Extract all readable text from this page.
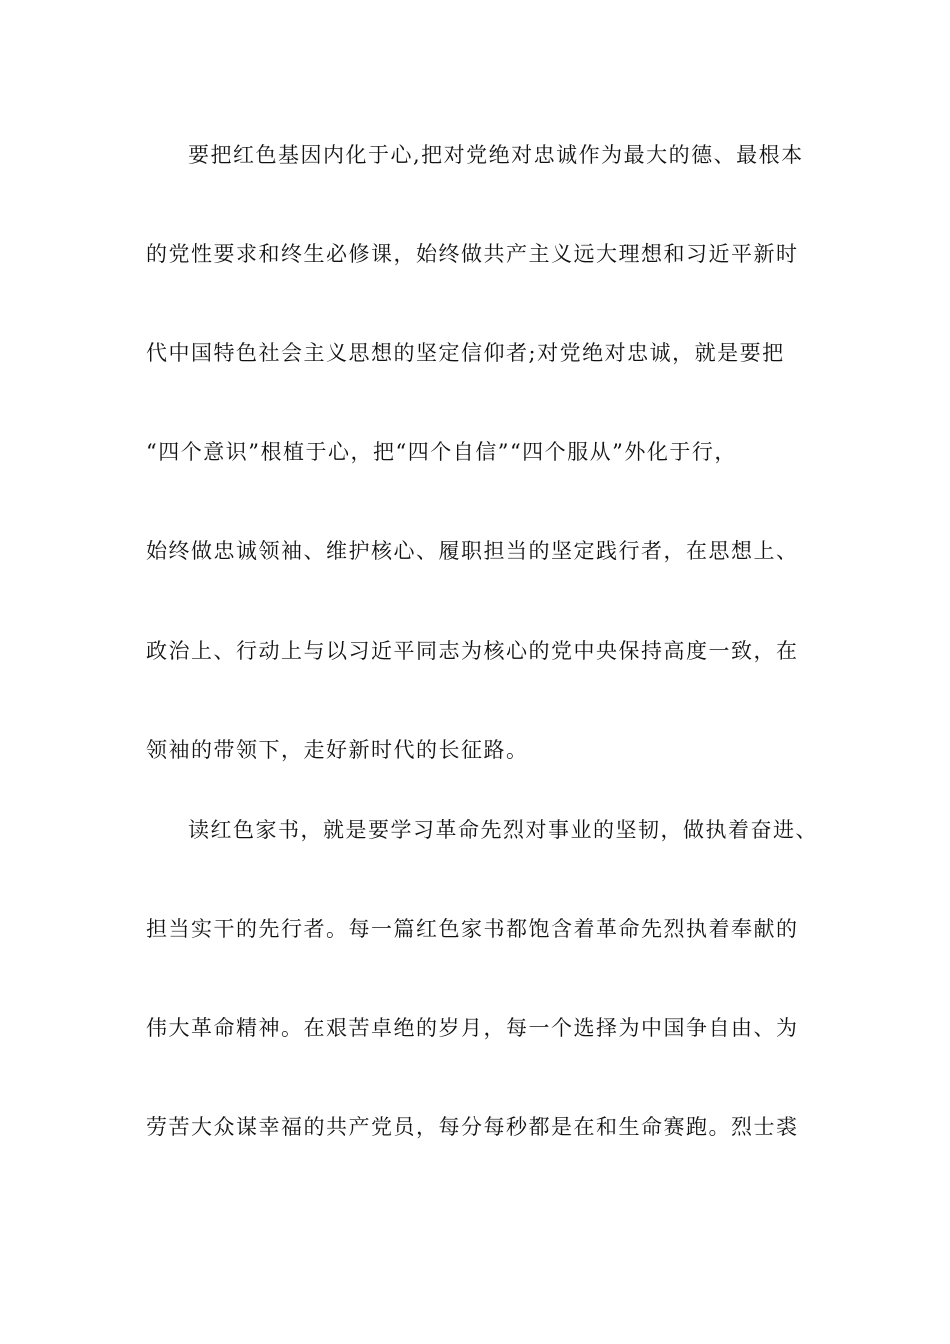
要把红色基因内化于心,把对党绝对忠诚作为最大的德、最根本
的党性要求和终生必修课，始终做共产主义远大理想和习近平新时
代中国特色社会主义思想的坚定信仰者;对党绝对忠诚，就是要把
“四个意识”根植于心，把“四个自信”“四个服从”外化于行，
始终做忠诚领袖、维护核心、履职担当的坚定践行者，在思想上、
政治上、行动上与以习近平同志为核心的党中央保持高度一致，在
领袖的带领下，走好新时代的长征路。
读红色家书，就是要学习革命先烈对事业的坚韧，做执着奋进、
担当实干的先行者。每一篇红色家书都饱含着革命先烈执着奉献的
伟大革命精神。在艰苦卓绝的岁月，每一个选择为中国争自由、为
劳苦大众谋幸福的共产党员，每分每秒都是在和生命赛跑。烈士裘
